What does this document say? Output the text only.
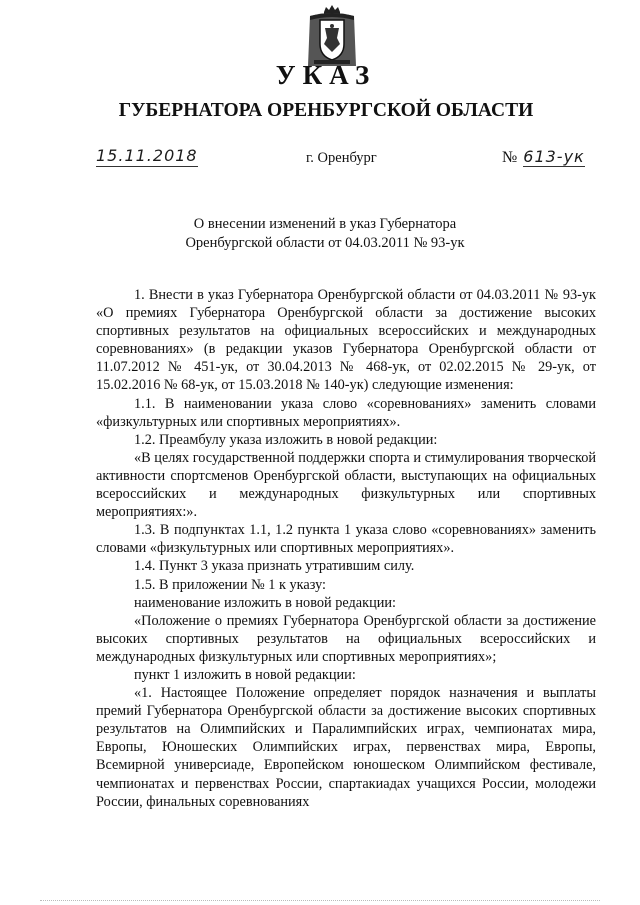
УКАЗ
ГУБЕРНАТОРА ОРЕНБУРГСКОЙ ОБЛАСТИ
15.11.2018	г. Оренбург	№ 613-ук
О внесении изменений в указ Губернатора
Оренбургской области от 04.03.2011 № 93-ук

1. Внести в указ Губернатора Оренбургской области от 04.03.2011 № 93-ук «О премиях Губернатора Оренбургской области за достижение высоких спортивных результатов на официальных всероссийских и международных соревнованиях» (в редакции указов Губернатора Оренбургской области от 11.07.2012 № 451-ук, от 30.04.2013 № 468-ук, от 02.02.2015 № 29-ук, от 15.02.2016 № 68-ук, от 15.03.2018 № 140-ук) следующие изменения:

1.1. В наименовании указа слово «соревнованиях» заменить словами «физкультурных или спортивных мероприятиях».

1.2. Преамбулу указа изложить в новой редакции:

«В целях государственной поддержки спорта и стимулирования творческой активности спортсменов Оренбургской области, выступающих на официальных всероссийских и международных физкультурных или спортивных мероприятиях:».

1.3. В подпунктах 1.1, 1.2 пункта 1 указа слово «соревнованиях» заменить словами «физкультурных или спортивных мероприятиях».

1.4. Пункт 3 указа признать утратившим силу.

1.5. В приложении № 1 к указу:

наименование изложить в новой редакции:

«Положение о премиях Губернатора Оренбургской области за достижение высоких спортивных результатов на официальных всероссийских и международных физкультурных или спортивных мероприятиях»;

пункт 1 изложить в новой редакции:

«1. Настоящее Положение определяет порядок назначения и выплаты премий Губернатора Оренбургской области за достижение высоких спортивных результатов на Олимпийских и Паралимпийских играх, чемпионатах мира, Европы, Юношеских Олимпийских играх, первенствах мира, Европы, Всемирной универсиаде, Европейском юношеском Олимпийском фестивале, чемпионатах и первенствах России, спартакиадах учащихся России, молодежи России, финальных соревнованиях
